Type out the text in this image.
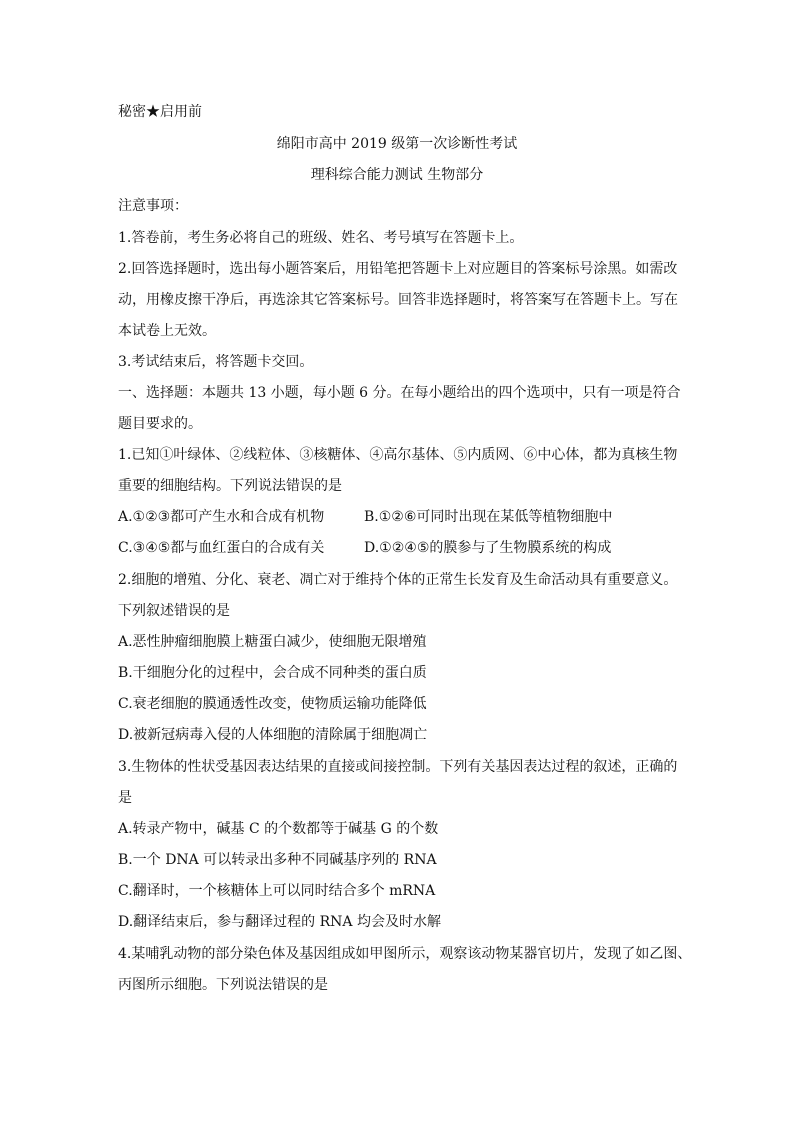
秘密★启用前
绵阳市高中 2019 级第一次诊断性考试
理科综合能力测试 生物部分
注意事项：
1.答卷前，考生务必将自己的班级、姓名、考号填写在答题卡上。
2.回答选择题时，选出每小题答案后，用铅笔把答题卡上对应题目的答案标号涂黑。如需改
动，用橡皮擦干净后，再选涂其它答案标号。回答非选择题时，将答案写在答题卡上。写在
本试卷上无效。
3.考试结束后，将答题卡交回。
一、选择题：本题共 13 小题，每小题 6 分。在每小题给出的四个选项中，只有一项是符合
题目要求的。
1.已知①叶绿体、②线粒体、③核糖体、④高尔基体、⑤内质网、⑥中心体，都为真核生物
重要的细胞结构。下列说法错误的是
A.①②③都可产生水和合成有机物	B.①②⑥可同时出现在某低等植物细胞中
C.③④⑤都与血红蛋白的合成有关	D.①②④⑤的膜参与了生物膜系统的构成
2.细胞的增殖、分化、衰老、凋亡对于维持个体的正常生长发育及生命活动具有重要意义。
下列叙述错误的是
A.恶性肿瘤细胞膜上糖蛋白减少，使细胞无限增殖
B.干细胞分化的过程中，会合成不同种类的蛋白质
C.衰老细胞的膜通透性改变，使物质运输功能降低
D.被新冠病毒入侵的人体细胞的清除属于细胞凋亡
3.生物体的性状受基因表达结果的直接或间接控制。下列有关基因表达过程的叙述，正确的
是
A.转录产物中，碱基 C 的个数都等于碱基 G 的个数
B.一个 DNA 可以转录出多种不同碱基序列的 RNA
C.翻译时，一个核糖体上可以同时结合多个 mRNA
D.翻译结束后，参与翻译过程的 RNA 均会及时水解
4.某哺乳动物的部分染色体及基因组成如甲图所示，观察该动物某器官切片，发现了如乙图、
丙图所示细胞。下列说法错误的是
